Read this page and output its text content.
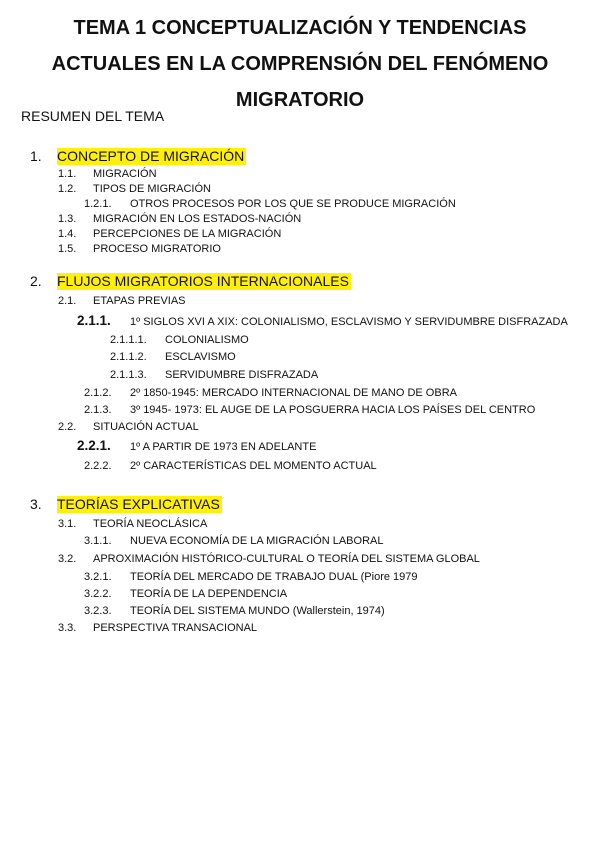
TEMA 1 CONCEPTUALIZACIÓN Y TENDENCIAS
ACTUALES EN LA COMPRENSIÓN DEL FENÓMENO
MIGRATORIO

RESUMEN DEL TEMA

1. CONCEPTO DE MIGRACIÓN
1.1. MIGRACIÓN
1.2. TIPOS DE MIGRACIÓN
1.2.1. OTROS PROCESOS POR LOS QUE SE PRODUCE MIGRACIÓN
1.3. MIGRACIÓN EN LOS ESTADOS-NACIÓN
1.4. PERCEPCIONES DE LA MIGRACIÓN
1.5. PROCESO MIGRATORIO
2. FLUJOS MIGRATORIOS INTERNACIONALES
2.1. ETAPAS PREVIAS
2.1.1. 1º SIGLOS XVI A XIX: COLONIALISMO, ESCLAVISMO Y SERVIDUMBRE DISFRAZADA
2.1.1.1. COLONIALISMO
2.1.1.2. ESCLAVISMO
2.1.1.3. SERVIDUMBRE DISFRAZADA
2.1.2. 2º 1850-1945: MERCADO INTERNACIONAL DE MANO DE OBRA
2.1.3. 3º 1945- 1973: EL AUGE DE LA POSGUERRA HACIA LOS PAÍSES DEL CENTRO
2.2. SITUACIÓN ACTUAL
2.2.1. 1º A PARTIR DE 1973 EN ADELANTE
2.2.2. 2º CARACTERÍSTICAS DEL MOMENTO ACTUAL
3. TEORÍAS EXPLICATIVAS
3.1. TEORÍA NEOCLÁSICA
3.1.1. NUEVA ECONOMÍA DE LA MIGRACIÓN LABORAL
3.2. APROXIMACIÓN HISTÓRICO-CULTURAL O TEORÍA DEL SISTEMA GLOBAL
3.2.1. TEORÍA DEL MERCADO DE TRABAJO DUAL (Piore 1979
3.2.2. TEORÍA DE LA DEPENDENCIA
3.2.3. TEORÍA DEL SISTEMA MUNDO (Wallerstein, 1974)
3.3. PERSPECTIVA TRANSACIONAL
